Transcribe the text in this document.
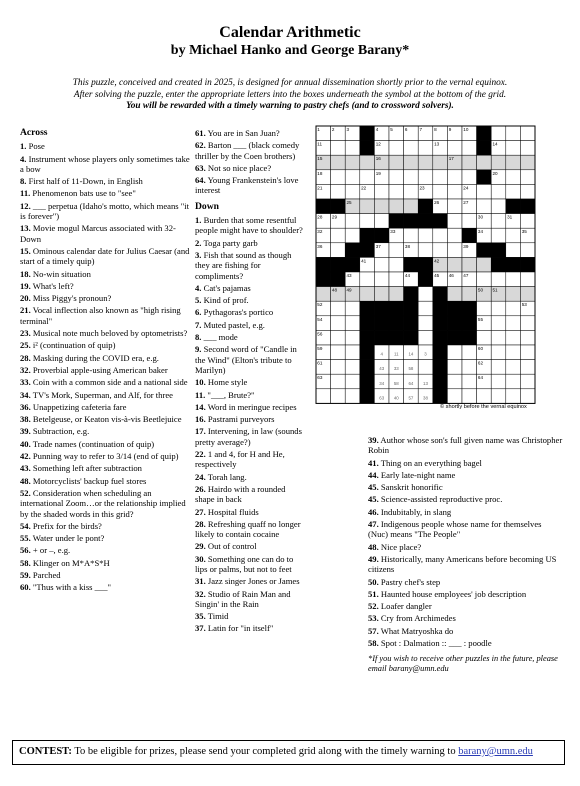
Calendar Arithmetic
by Michael Hanko and George Barany*
This puzzle, conceived and created in 2025, is designed for annual dissemination shortly prior to the vernal equinox.
After solving the puzzle, enter the appropriate letters into the boxes underneath the symbol at the bottom of the grid.
You will be rewarded with a timely warning to pastry chefs (and to crossword solvers).
Across
1. Pose
4. Instrument whose players only sometimes take a bow
8. First half of 11-Down, in English
11. Phenomenon bats use to "see"
12. ___ perpetua (Idaho's motto, which means "it is forever")
13. Movie mogul Marcus associated with 32-Down
15. Ominous calendar date for Julius Caesar (and start of a timely quip)
18. No-win situation
19. What's left?
20. Miss Piggy's pronoun?
21. Vocal inflection also known as "high rising terminal"
23. Musical note much beloved by optometrists?
25. i² (continuation of quip)
28. Masking during the COVID era, e.g.
32. Proverbial apple-using American baker
33. Coin with a common side and a national side
34. TV's Mork, Superman, and Alf, for three
36. Unappetizing cafeteria fare
38. Betelgeuse, or Keaton vis-à-vis Beetlejuice
39. Subtraction, e.g.
40. Trade names (continuation of quip)
42. Punning way to refer to 3/14 (end of quip)
43. Something left after subtraction
48. Motorcyclists' backup fuel stores
52. Consideration when scheduling an international Zoom…or the relationship implied by the shaded words in this grid?
54. Prefix for the birds?
55. Water under le pont?
56. + or –, e.g.
58. Klinger on M*A*S*H
59. Parched
60. "Thus with a kiss ___"
61. You are in San Juan?
62. Barton ___ (black comedy thriller by the Coen brothers)
63. Not so nice place?
64. Young Frankenstein's love interest
Down
1. Burden that some resentful people might have to shoulder?
2. Toga party garb
3. Fish that sound as though they are fishing for compliments?
4. Cat's pajamas
5. Kind of prof.
6. Pythagoras's portico
7. Muted pastel, e.g.
8. ___ mode
9. Second word of "Candle in the Wind" (Elton's tribute to Marilyn)
10. Home style
11. "___, Brute?"
14. Word in meringue recipes
16. Pastrami purveyors
17. Intervening, in law (sounds pretty average?)
22. 1 and 4, for H and He, respectively
24. Torah lang.
26. Hairdo with a rounded shape in back
27. Hospital fluids
28. Refreshing quaff no longer likely to contain cocaine
29. Out of control
30. Something one can do to lips or palms, but not to feet
31. Jazz singer Jones or James
32. Studio of Rain Man and Singin' in the Rain
35. Timid
37. Latin for "in itself"
1	2	3	4	5	6	7	8	9	10
11	12	13	14
15	16	17
18	19	20
21	22	23	24
25	26	27
28 29	30	31
32	33	34	35
36	37	38	39
40	41	42
43	44	45 46 47
48 49	50 51
52	53
54	55
56	57	58
59	60
61	62
63	64
4	11 14 3
43 33 58
34 58 64 13
63 40 57 38
© shortly before the vernal equinox
39. Author whose son's full given name was Christopher Robin
41. Thing on an everything bagel
44. Early late-night name
45. Sanskrit honorific
45. Science-assisted reproductive proc.
46. Indubitably, in slang
47. Indigenous people whose name for themselves (Nuc) means "The People"
48. Nice place?
49. Historically, many Americans before becoming US citizens
50. Pastry chef's step
51. Haunted house employees' job description
52. Loafer dangler
53. Cry from Archimedes
57. What Matryoshka do
58. Spot : Dalmation :: ___ : poodle
*If you wish to receive other puzzles in the future, please email barany@umn.edu
CONTEST: To be eligible for prizes, please send your completed grid along with the timely warning to barany@umn.edu
